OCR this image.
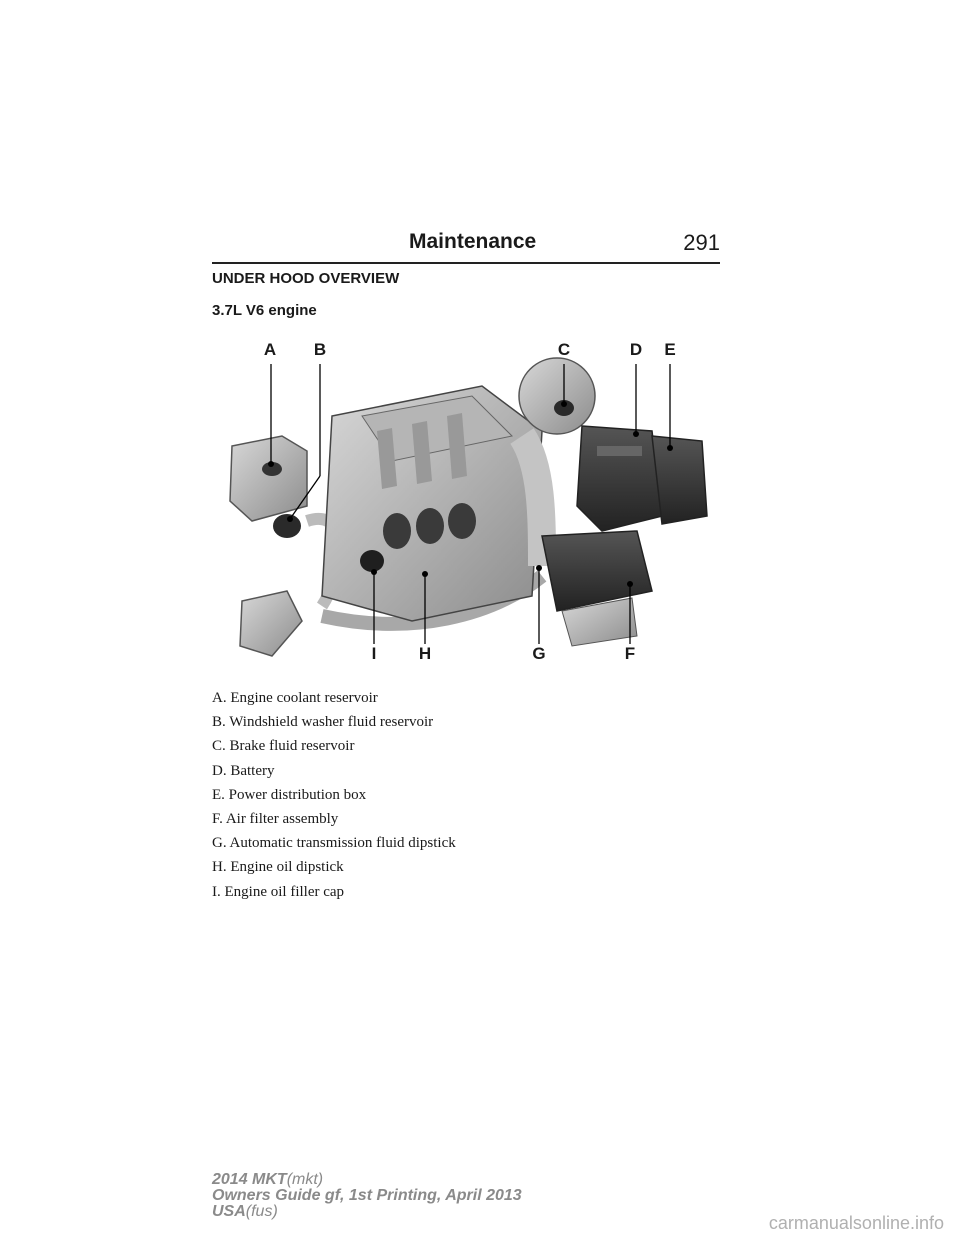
Maintenance	291
UNDER HOOD OVERVIEW
3.7L V6 engine
A B	C	D E
I	H	G	F
A. Engine coolant reservoir
B. Windshield washer fluid reservoir
C. Brake fluid reservoir
D. Battery
E. Power distribution box
F. Air filter assembly
G. Automatic transmission fluid dipstick
H. Engine oil dipstick
I. Engine oil filler cap
2014 MKT(mkt)
Owners Guide gf, 1st Printing, April 2013
USA(fus)
carmanualsonline.info
